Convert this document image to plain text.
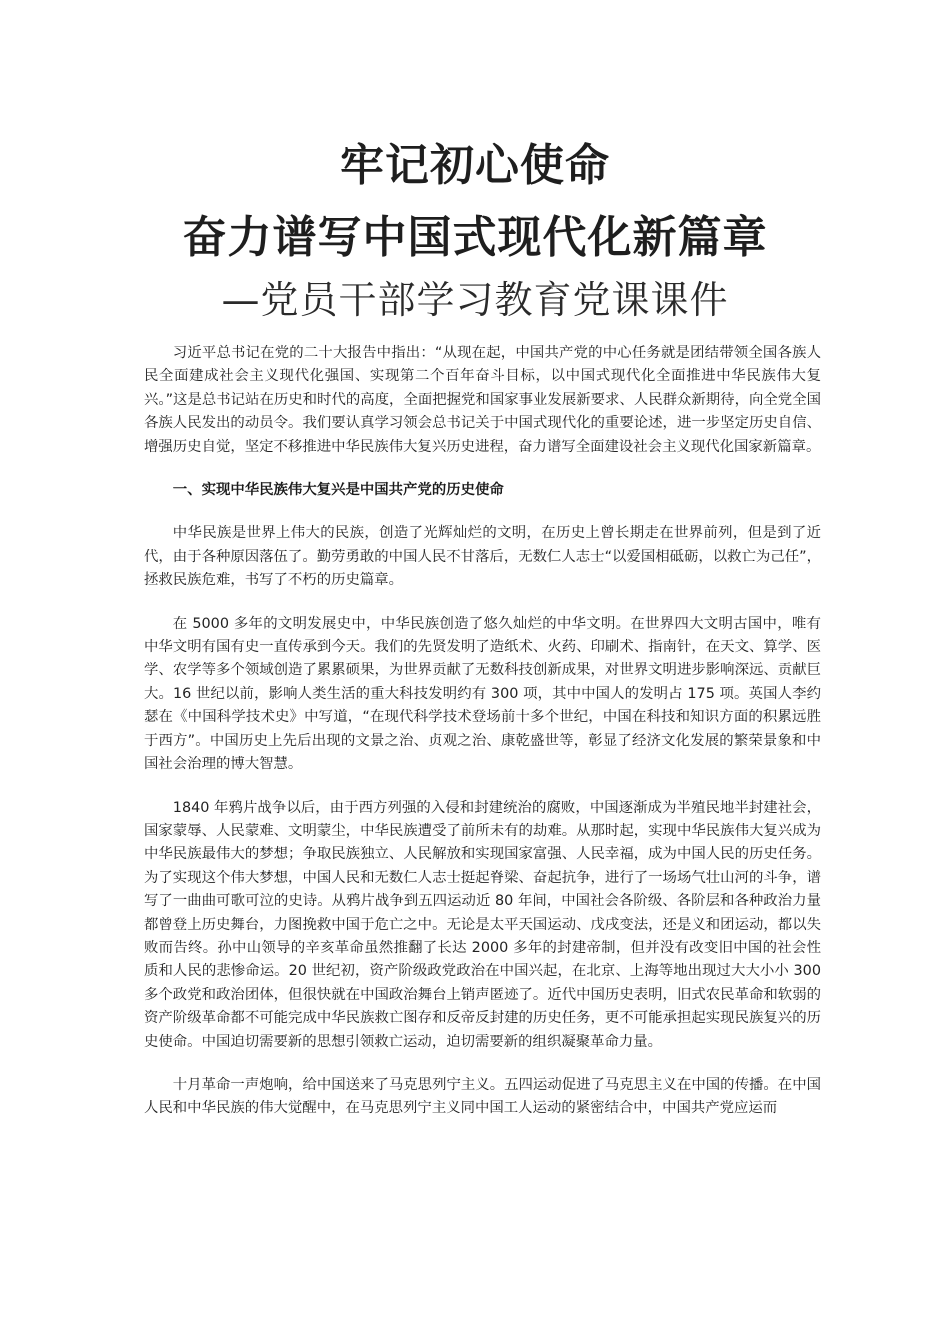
牢记初心使命
奋力谱写中国式现代化新篇章
—党员干部学习教育党课课件

习近平总书记在党的二十大报告中指出：“从现在起，中国共产党的中心任务就是团结带领全国各族人民全面建成社会主义现代化强国、实现第二个百年奋斗目标，以中国式现代化全面推进中华民族伟大复兴。”这是总书记站在历史和时代的高度，全面把握党和国家事业发展新要求、人民群众新期待，向全党全国各族人民发出的动员令。我们要认真学习领会总书记关于中国式现代化的重要论述，进一步坚定历史自信、增强历史自觉，坚定不移推进中华民族伟大复兴历史进程，奋力谱写全面建设社会主义现代化国家新篇章。

一、实现中华民族伟大复兴是中国共产党的历史使命

中华民族是世界上伟大的民族，创造了光辉灿烂的文明，在历史上曾长期走在世界前列，但是到了近代，由于各种原因落伍了。勤劳勇敢的中国人民不甘落后，无数仁人志士“以爱国相砥砺，以救亡为己任”，拯救民族危难，书写了不朽的历史篇章。

在 5000 多年的文明发展史中，中华民族创造了悠久灿烂的中华文明。在世界四大文明古国中，唯有中华文明有国有史一直传承到今天。我们的先贤发明了造纸术、火药、印刷术、指南针，在天文、算学、医学、农学等多个领域创造了累累硕果，为世界贡献了无数科技创新成果，对世界文明进步影响深远、贡献巨大。16 世纪以前，影响人类生活的重大科技发明约有 300 项，其中中国人的发明占 175 项。英国人李约瑟在《中国科学技术史》中写道，“在现代科学技术登场前十多个世纪，中国在科技和知识方面的积累远胜于西方”。中国历史上先后出现的文景之治、贞观之治、康乾盛世等，彰显了经济文化发展的繁荣景象和中国社会治理的博大智慧。

1840 年鸦片战争以后，由于西方列强的入侵和封建统治的腐败，中国逐渐成为半殖民地半封建社会，国家蒙辱、人民蒙难、文明蒙尘，中华民族遭受了前所未有的劫难。从那时起，实现中华民族伟大复兴成为中华民族最伟大的梦想；争取民族独立、人民解放和实现国家富强、人民幸福，成为中国人民的历史任务。为了实现这个伟大梦想，中国人民和无数仁人志士挺起脊梁、奋起抗争，进行了一场场气壮山河的斗争，谱写了一曲曲可歌可泣的史诗。从鸦片战争到五四运动近 80 年间，中国社会各阶级、各阶层和各种政治力量都曾登上历史舞台，力图挽救中国于危亡之中。无论是太平天国运动、戊戌变法，还是义和团运动，都以失败而告终。孙中山领导的辛亥革命虽然推翻了长达 2000 多年的封建帝制，但并没有改变旧中国的社会性质和人民的悲惨命运。20 世纪初，资产阶级政党政治在中国兴起，在北京、上海等地出现过大大小小 300 多个政党和政治团体，但很快就在中国政治舞台上销声匿迹了。近代中国历史表明，旧式农民革命和软弱的资产阶级革命都不可能完成中华民族救亡图存和反帝反封建的历史任务，更不可能承担起实现民族复兴的历史使命。中国迫切需要新的思想引领救亡运动，迫切需要新的组织凝聚革命力量。

十月革命一声炮响，给中国送来了马克思列宁主义。五四运动促进了马克思主义在中国的传播。在中国人民和中华民族的伟大觉醒中，在马克思列宁主义同中国工人运动的紧密结合中，中国共产党应运而
